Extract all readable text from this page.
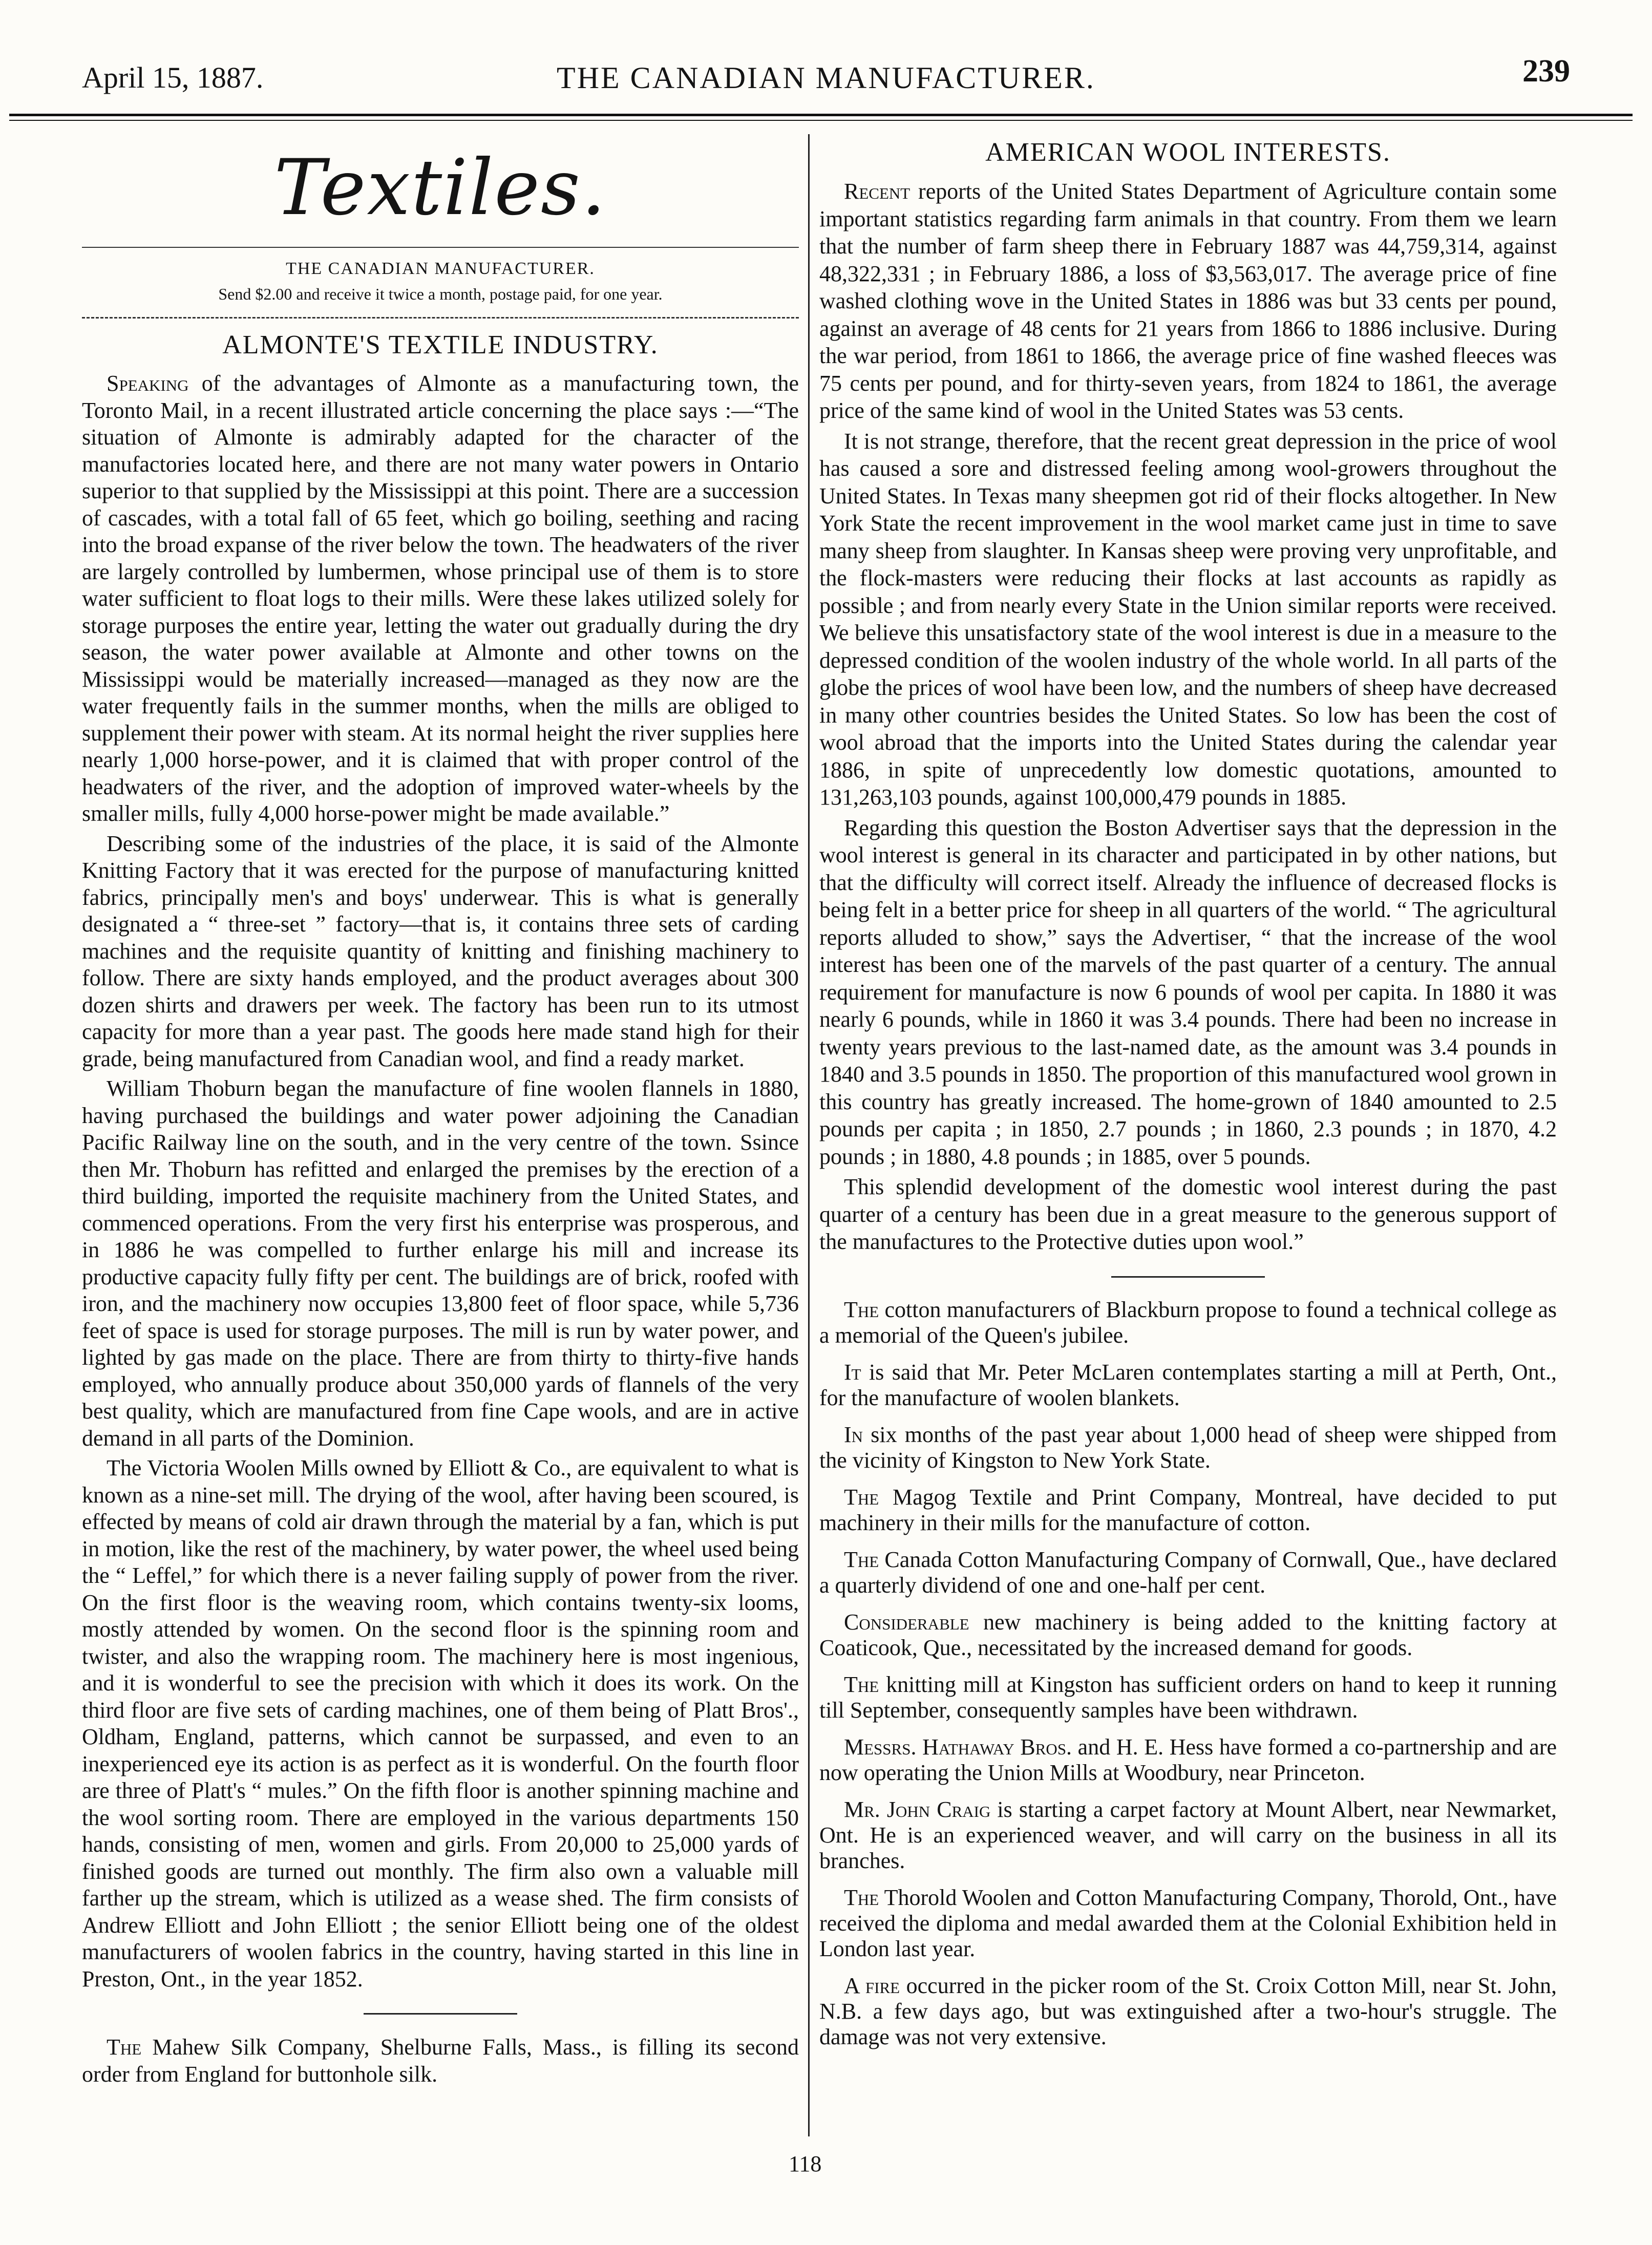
April 15, 1887.	THE CANADIAN MANUFACTURER.	239
Textiles.
THE CANADIAN MANUFACTURER.
Send $2.00 and receive it twice a month, postage paid, for one year.
ALMONTE'S TEXTILE INDUSTRY.

Speaking of the advantages of Almonte as a manufacturing town, the Toronto Mail, in a recent illustrated article concerning the place says :—“The situation of Almonte is admirably adapted for the character of the manufactories located here, and there are not many water powers in Ontario superior to that supplied by the Mississippi at this point. There are a succession of cascades, with a total fall of 65 feet, which go boiling, seething and racing into the broad expanse of the river below the town. The headwaters of the river are largely controlled by lumbermen, whose principal use of them is to store water sufficient to float logs to their mills. Were these lakes utilized solely for storage purposes the entire year, letting the water out gradually during the dry season, the water power available at Almonte and other towns on the Mississippi would be materially increased—managed as they now are the water frequently fails in the summer months, when the mills are obliged to supplement their power with steam. At its normal height the river supplies here nearly 1,000 horse-power, and it is claimed that with proper control of the headwaters of the river, and the adoption of improved water-wheels by the smaller mills, fully 4,000 horse-power might be made available.”

Describing some of the industries of the place, it is said of the Almonte Knitting Factory that it was erected for the purpose of manufacturing knitted fabrics, principally men's and boys' underwear. This is what is generally designated a “ three-set ” factory—that is, it contains three sets of carding machines and the requisite quantity of knitting and finishing machinery to follow. There are sixty hands employed, and the product averages about 300 dozen shirts and drawers per week. The factory has been run to its utmost capacity for more than a year past. The goods here made stand high for their grade, being manufactured from Canadian wool, and find a ready market.

William Thoburn began the manufacture of fine woolen flannels in 1880, having purchased the buildings and water power adjoining the Canadian Pacific Railway line on the south, and in the very centre of the town. Ssince then Mr. Thoburn has refitted and enlarged the premises by the erection of a third building, imported the requisite machinery from the United States, and commenced operations. From the very first his enterprise was prosperous, and in 1886 he was compelled to further enlarge his mill and increase its productive capacity fully fifty per cent. The buildings are of brick, roofed with iron, and the machinery now occupies 13,800 feet of floor space, while 5,736 feet of space is used for storage purposes. The mill is run by water power, and lighted by gas made on the place. There are from thirty to thirty-five hands employed, who annually produce about 350,000 yards of flannels of the very best quality, which are manufactured from fine Cape wools, and are in active demand in all parts of the Dominion.

The Victoria Woolen Mills owned by Elliott & Co., are equivalent to what is known as a nine-set mill. The drying of the wool, after having been scoured, is effected by means of cold air drawn through the material by a fan, which is put in motion, like the rest of the machinery, by water power, the wheel used being the “ Leffel,” for which there is a never failing supply of power from the river. On the first floor is the weaving room, which contains twenty-six looms, mostly attended by women. On the second floor is the spinning room and twister, and also the wrapping room. The machinery here is most ingenious, and it is wonderful to see the precision with which it does its work. On the third floor are five sets of carding machines, one of them being of Platt Bros'., Oldham, England, patterns, which cannot be surpassed, and even to an inexperienced eye its action is as perfect as it is wonderful. On the fourth floor are three of Platt's “ mules.” On the fifth floor is another spinning machine and the wool sorting room. There are employed in the various departments 150 hands, consisting of men, women and girls. From 20,000 to 25,000 yards of finished goods are turned out monthly. The firm also own a valuable mill farther up the stream, which is utilized as a wease shed. The firm consists of Andrew Elliott and John Elliott ; the senior Elliott being one of the oldest manufacturers of woolen fabrics in the country, having started in this line in Preston, Ont., in the year 1852.

The Mahew Silk Company, Shelburne Falls, Mass., is filling its second order from England for buttonhole silk.

AMERICAN WOOL INTERESTS.

Recent reports of the United States Department of Agriculture contain some important statistics regarding farm animals in that country. From them we learn that the number of farm sheep there in February 1887 was 44,759,314, against 48,322,331 ; in February 1886, a loss of $3,563,017. The average price of fine washed clothing wove in the United States in 1886 was but 33 cents per pound, against an average of 48 cents for 21 years from 1866 to 1886 inclusive. During the war period, from 1861 to 1866, the average price of fine washed fleeces was 75 cents per pound, and for thirty-seven years, from 1824 to 1861, the average price of the same kind of wool in the United States was 53 cents.

It is not strange, therefore, that the recent great depression in the price of wool has caused a sore and distressed feeling among wool-growers throughout the United States. In Texas many sheepmen got rid of their flocks altogether. In New York State the recent improvement in the wool market came just in time to save many sheep from slaughter. In Kansas sheep were proving very unprofitable, and the flock-masters were reducing their flocks at last accounts as rapidly as possible ; and from nearly every State in the Union similar reports were received. We believe this unsatisfactory state of the wool interest is due in a measure to the depressed condition of the woolen industry of the whole world. In all parts of the globe the prices of wool have been low, and the numbers of sheep have decreased in many other countries besides the United States. So low has been the cost of wool abroad that the imports into the United States during the calendar year 1886, in spite of unprecedently low domestic quotations, amounted to 131,263,103 pounds, against 100,000,479 pounds in 1885.

Regarding this question the Boston Advertiser says that the depression in the wool interest is general in its character and participated in by other nations, but that the difficulty will correct itself. Already the influence of decreased flocks is being felt in a better price for sheep in all quarters of the world. “ The agricultural reports alluded to show,” says the Advertiser, “ that the increase of the wool interest has been one of the marvels of the past quarter of a century. The annual requirement for manufacture is now 6 pounds of wool per capita. In 1880 it was nearly 6 pounds, while in 1860 it was 3.4 pounds. There had been no increase in twenty years previous to the last-named date, as the amount was 3.4 pounds in 1840 and 3.5 pounds in 1850. The proportion of this manufactured wool grown in this country has greatly increased. The home-grown of 1840 amounted to 2.5 pounds per capita ; in 1850, 2.7 pounds ; in 1860, 2.3 pounds ; in 1870, 4.2 pounds ; in 1880, 4.8 pounds ; in 1885, over 5 pounds.

This splendid development of the domestic wool interest during the past quarter of a century has been due in a great measure to the generous support of the manufactures to the Protective duties upon wool.”

The cotton manufacturers of Blackburn propose to found a technical college as a memorial of the Queen's jubilee.

It is said that Mr. Peter McLaren contemplates starting a mill at Perth, Ont., for the manufacture of woolen blankets.

In six months of the past year about 1,000 head of sheep were shipped from the vicinity of Kingston to New York State.

The Magog Textile and Print Company, Montreal, have decided to put machinery in their mills for the manufacture of cotton.

The Canada Cotton Manufacturing Company of Cornwall, Que., have declared a quarterly dividend of one and one-half per cent.

Considerable new machinery is being added to the knitting factory at Coaticook, Que., necessitated by the increased demand for goods.

The knitting mill at Kingston has sufficient orders on hand to keep it running till September, consequently samples have been withdrawn.

Messrs. Hathaway Bros. and H. E. Hess have formed a co-partnership and are now operating the Union Mills at Woodbury, near Princeton.

Mr. John Craig is starting a carpet factory at Mount Albert, near Newmarket, Ont. He is an experienced weaver, and will carry on the business in all its branches.

The Thorold Woolen and Cotton Manufacturing Company, Thorold, Ont., have received the diploma and medal awarded them at the Colonial Exhibition held in London last year.

A fire occurred in the picker room of the St. Croix Cotton Mill, near St. John, N.B. a few days ago, but was extinguished after a two-hour's struggle. The damage was not very extensive.

118
